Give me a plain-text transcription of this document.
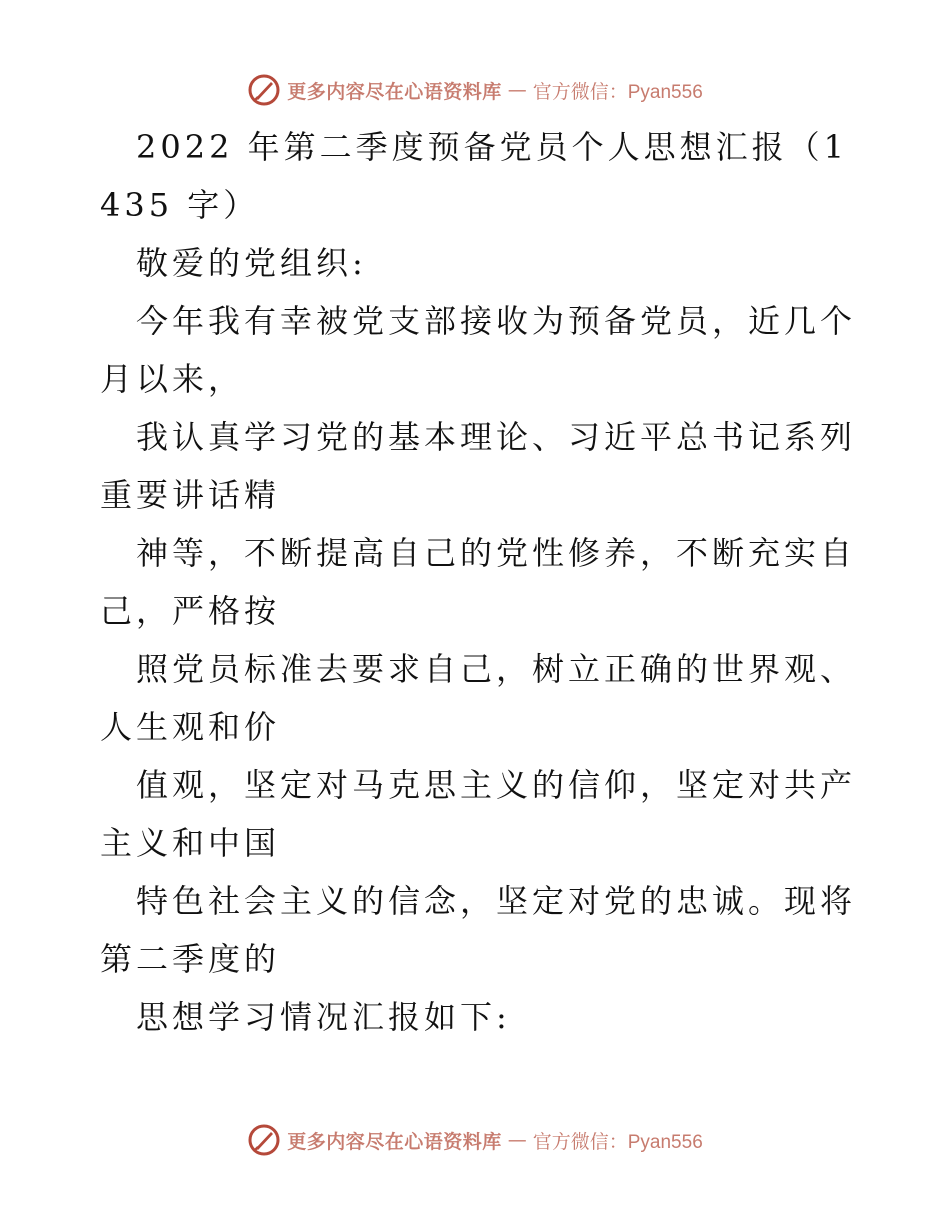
更多内容尽在心语资料库 — 官方微信：Pyan556

2022 年第二季度预备党员个人思想汇报（1435 字）

敬爱的党组织:

今年我有幸被党支部接收为预备党员，近几个月以来，

我认真学习党的基本理论、习近平总书记系列重要讲话精

神等，不断提高自己的党性修养，不断充实自己，严格按

照党员标准去要求自己，树立正确的世界观、人生观和价

值观，坚定对马克思主义的信仰，坚定对共产主义和中国

特色社会主义的信念，坚定对党的忠诚。现将第二季度的

思想学习情况汇报如下:

更多内容尽在心语资料库 — 官方微信：Pyan556
